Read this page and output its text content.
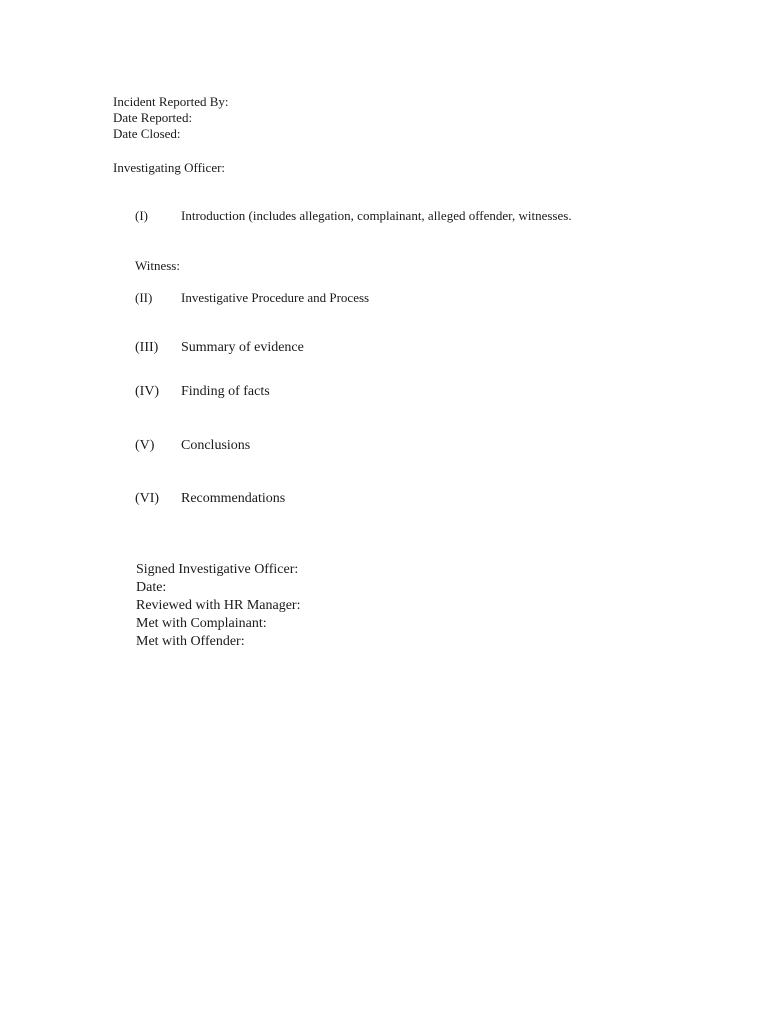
Incident Reported By:
Date Reported:
Date Closed:
Investigating Officer:
(I)	Introduction (includes allegation, complainant, alleged offender, witnesses.
Witness:
(II) Investigative Procedure and Process
(III) Summary of evidence
(IV) Finding of facts
(V) Conclusions
(VI) Recommendations
Signed Investigative Officer:
Date:
Reviewed with HR Manager:
Met with Complainant:
Met with Offender:
